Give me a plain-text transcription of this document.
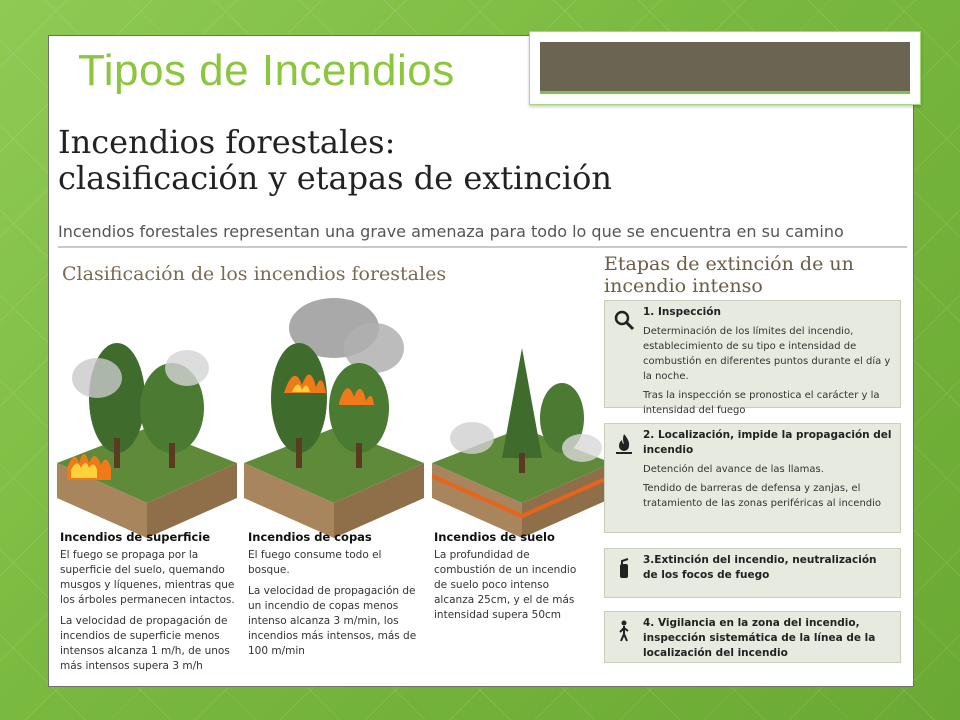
Tipos de Incendios
Incendios forestales:
clasificación y etapas de extinción
Incendios forestales representan una grave amenaza para todo lo que se encuentra en su camino
Clasificación de los incendios forestales	Etapas de extinción de un incendio intenso
Incendios de superficie

El fuego se propaga por la superficie del suelo, quemando musgos y líquenes, mientras que los árboles permanecen intactos.

La velocidad de propagación de incendios de superficie menos intensos alcanza 1 m/h, de unos más intensos supera 3 m/h

Incendios de copas

El fuego consume todo el bosque.

La velocidad de propagación de un incendio de copas menos intenso alcanza 3 m/min, los incendios más intensos, más de 100 m/min

Incendios de suelo

La profundidad de combustión de un incendio de suelo poco intenso alcanza 25cm, y el de más intensidad supera 50cm

1. Inspección

Determinación de los límites del incendio, establecimiento de su tipo e intensidad de combustión en diferentes puntos durante el día y la noche.

Tras la inspección se pronostica el carácter y la intensidad del fuego

2. Localización, impide la propagación del incendio

Detención del avance de las llamas.

Tendido de barreras de defensa y zanjas, el tratamiento de las zonas periféricas al incendio

3.Extinción del incendio, neutralización de los focos de fuego
4. Vigilancia en la zona del incendio, inspección sistemática de la línea de la localización del incendio
